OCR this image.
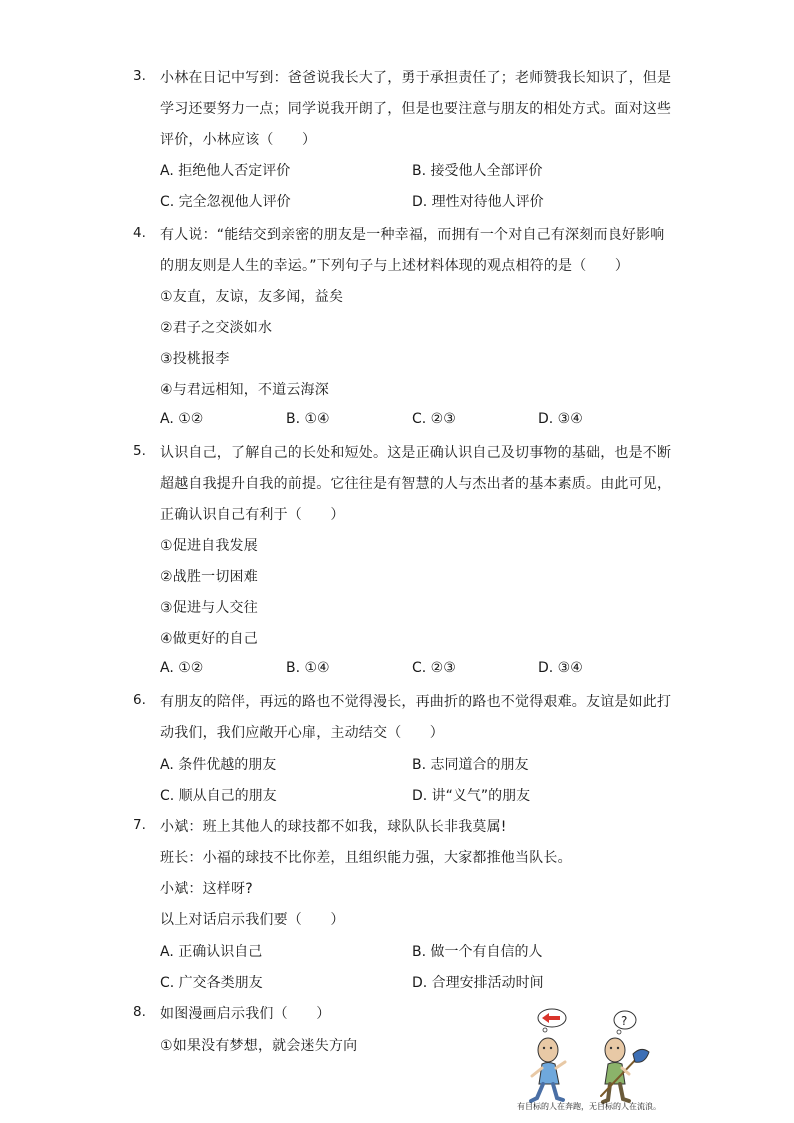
3. 小林在日记中写到：爸爸说我长大了，勇于承担责任了；老师赞我长知识了，但是
学习还要努力一点；同学说我开朗了，但是也要注意与朋友的相处方式。面对这些
评价，小林应该（　　）
A. 拒绝他人否定评价	B. 接受他人全部评价
C. 完全忽视他人评价	D. 理性对待他人评价
4. 有人说：“能结交到亲密的朋友是一种幸福，而拥有一个对自己有深刻而良好影响
的朋友则是人生的幸运。”下列句子与上述材料体现的观点相符的是（　　）
①友直，友谅，友多闻，益矣
②君子之交淡如水
③投桃报李
④与君远相知，不道云海深
A. ①②	B. ①④	C. ②③	D. ③④
5. 认识自己，了解自己的长处和短处。这是正确认识自己及切事物的基础，也是不断
超越自我提升自我的前提。它往往是有智慧的人与杰出者的基本素质。由此可见，
正确认识自己有利于（　　）
①促进自我发展
②战胜一切困难
③促进与人交往
④做更好的自己
A. ①②	B. ①④	C. ②③	D. ③④
6. 有朋友的陪伴，再远的路也不觉得漫长，再曲折的路也不觉得艰难。友谊是如此打
动我们，我们应敞开心扉，主动结交（　　）
A. 条件优越的朋友	B. 志同道合的朋友
C. 顺从自己的朋友	D. 讲“义气”的朋友
7. 小斌：班上其他人的球技都不如我，球队队长非我莫属!
班长：小福的球技不比你差，且组织能力强，大家都推他当队长。
小斌：这样呀?
以上对话启示我们要（　　）
A. 正确认识自己	B. 做一个有自信的人
C. 广交各类朋友	D. 合理安排活动时间
8. 如图漫画启示我们（　　）
①如果没有梦想，就会迷失方向
?
有目标的人在奔跑，无目标的人在流浪。
